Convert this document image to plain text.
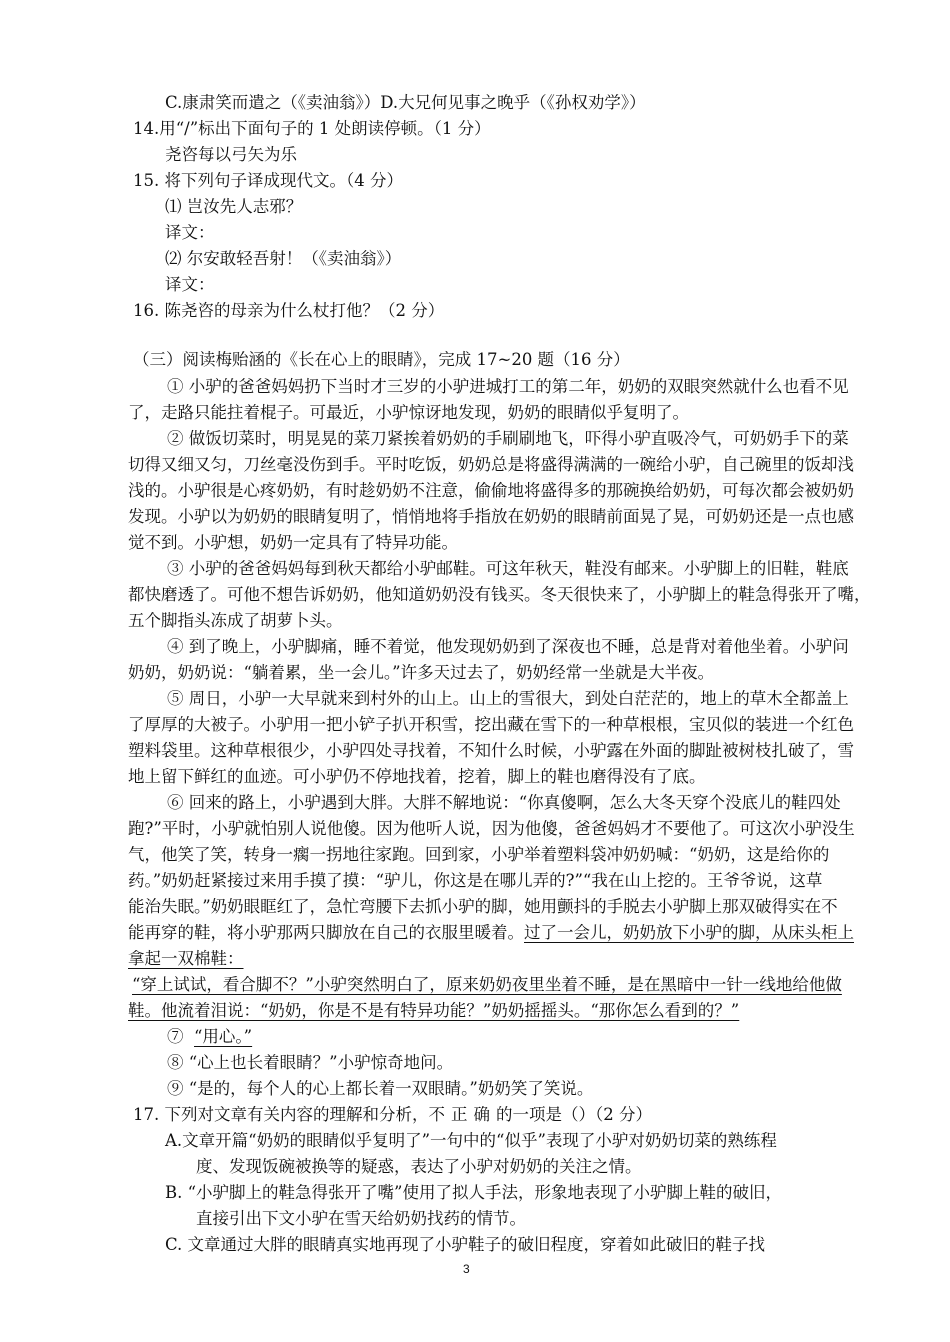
C.康肃笑而遣之（《卖油翁》）D.大兄何见事之晚乎（《孙权劝学》）
14.用“/”标出下面句子的 1 处朗读停顿。（1 分）
尧咨每以弓矢为乐
15. 将下列句子译成现代文。（4 分）
⑴ 岂汝先人志邪？
译文：
⑵ 尔安敢轻吾射！（《卖油翁》）
译文：
16. 陈尧咨的母亲为什么杖打他？（2 分）
（三）阅读梅贻涵的《长在心上的眼睛》，完成 17~20 题（16 分）
① 小驴的爸爸妈妈扔下当时才三岁的小驴进城打工的第二年，奶奶的双眼突然就什么也看不见
了，走路只能拄着棍子。可最近，小驴惊讶地发现，奶奶的眼睛似乎复明了。
② 做饭切菜时，明晃晃的菜刀紧挨着奶奶的手刷刷地飞，吓得小驴直吸冷气，可奶奶手下的菜
切得又细又匀，刀丝毫没伤到手。平时吃饭，奶奶总是将盛得满满的一碗给小驴，自己碗里的饭却浅
浅的。小驴很是心疼奶奶，有时趁奶奶不注意，偷偷地将盛得多的那碗换给奶奶，可每次都会被奶奶
发现。小驴以为奶奶的眼睛复明了，悄悄地将手指放在奶奶的眼睛前面晃了晃，可奶奶还是一点也感
觉不到。小驴想，奶奶一定具有了特异功能。
③ 小驴的爸爸妈妈每到秋天都给小驴邮鞋。可这年秋天，鞋没有邮来。小驴脚上的旧鞋，鞋底
都快磨透了。可他不想告诉奶奶，他知道奶奶没有钱买。冬天很快来了，小驴脚上的鞋急得张开了嘴，
五个脚指头冻成了胡萝卜头。
④ 到了晚上，小驴脚痛，睡不着觉，他发现奶奶到了深夜也不睡，总是背对着他坐着。小驴问
奶奶，奶奶说：“躺着累，坐一会儿。”许多天过去了，奶奶经常一坐就是大半夜。
⑤ 周日，小驴一大早就来到村外的山上。山上的雪很大，到处白茫茫的，地上的草木全都盖上
了厚厚的大被子。小驴用一把小铲子扒开积雪，挖出藏在雪下的一种草根根，宝贝似的装进一个红色
塑料袋里。这种草根很少，小驴四处寻找着，不知什么时候，小驴露在外面的脚趾被树枝扎破了，雪
地上留下鲜红的血迹。可小驴仍不停地找着，挖着，脚上的鞋也磨得没有了底。
⑥ 回来的路上，小驴遇到大胖。大胖不解地说：“你真傻啊，怎么大冬天穿个没底儿的鞋四处
跑?”平时，小驴就怕别人说他傻。因为他听人说，因为他傻，爸爸妈妈才不要他了。可这次小驴没生
气，他笑了笑，转身一瘸一拐地往家跑。回到家，小驴举着塑料袋冲奶奶喊：“奶奶，这是给你的
药。”奶奶赶紧接过来用手摸了摸：“驴儿，你这是在哪儿弄的?”“我在山上挖的。王爷爷说，这草
能治失眠。”奶奶眼眶红了，急忙弯腰下去抓小驴的脚，她用颤抖的手脱去小驴脚上那双破得实在不
能再穿的鞋，将小驴那两只脚放在自己的衣服里暖着。过了一会儿，奶奶放下小驴的脚，从床头柜上
拿起一双棉鞋：
“穿上试试，看合脚不？”小驴突然明白了，原来奶奶夜里坐着不睡，是在黑暗中一针一线地给他做
鞋。他流着泪说：“奶奶，你是不是有特异功能？”奶奶摇摇头。“那你怎么看到的？”
⑦ “用心。”
⑧ “心上也长着眼睛？”小驴惊奇地问。
⑨ “是的，每个人的心上都长着一双眼睛。”奶奶笑了笑说。
17. 下列对文章有关内容的理解和分析，不正确的一项是（）（2 分）
A.文章开篇“奶奶的眼睛似乎复明了”一句中的“似乎”表现了小驴对奶奶切菜的熟练程
度、发现饭碗被换等的疑惑，表达了小驴对奶奶的关注之情。
B. “小驴脚上的鞋急得张开了嘴”使用了拟人手法，形象地表现了小驴脚上鞋的破旧，
直接引出下文小驴在雪天给奶奶找药的情节。
C. 文章通过大胖的眼睛真实地再现了小驴鞋子的破旧程度，穿着如此破旧的鞋子找
3
